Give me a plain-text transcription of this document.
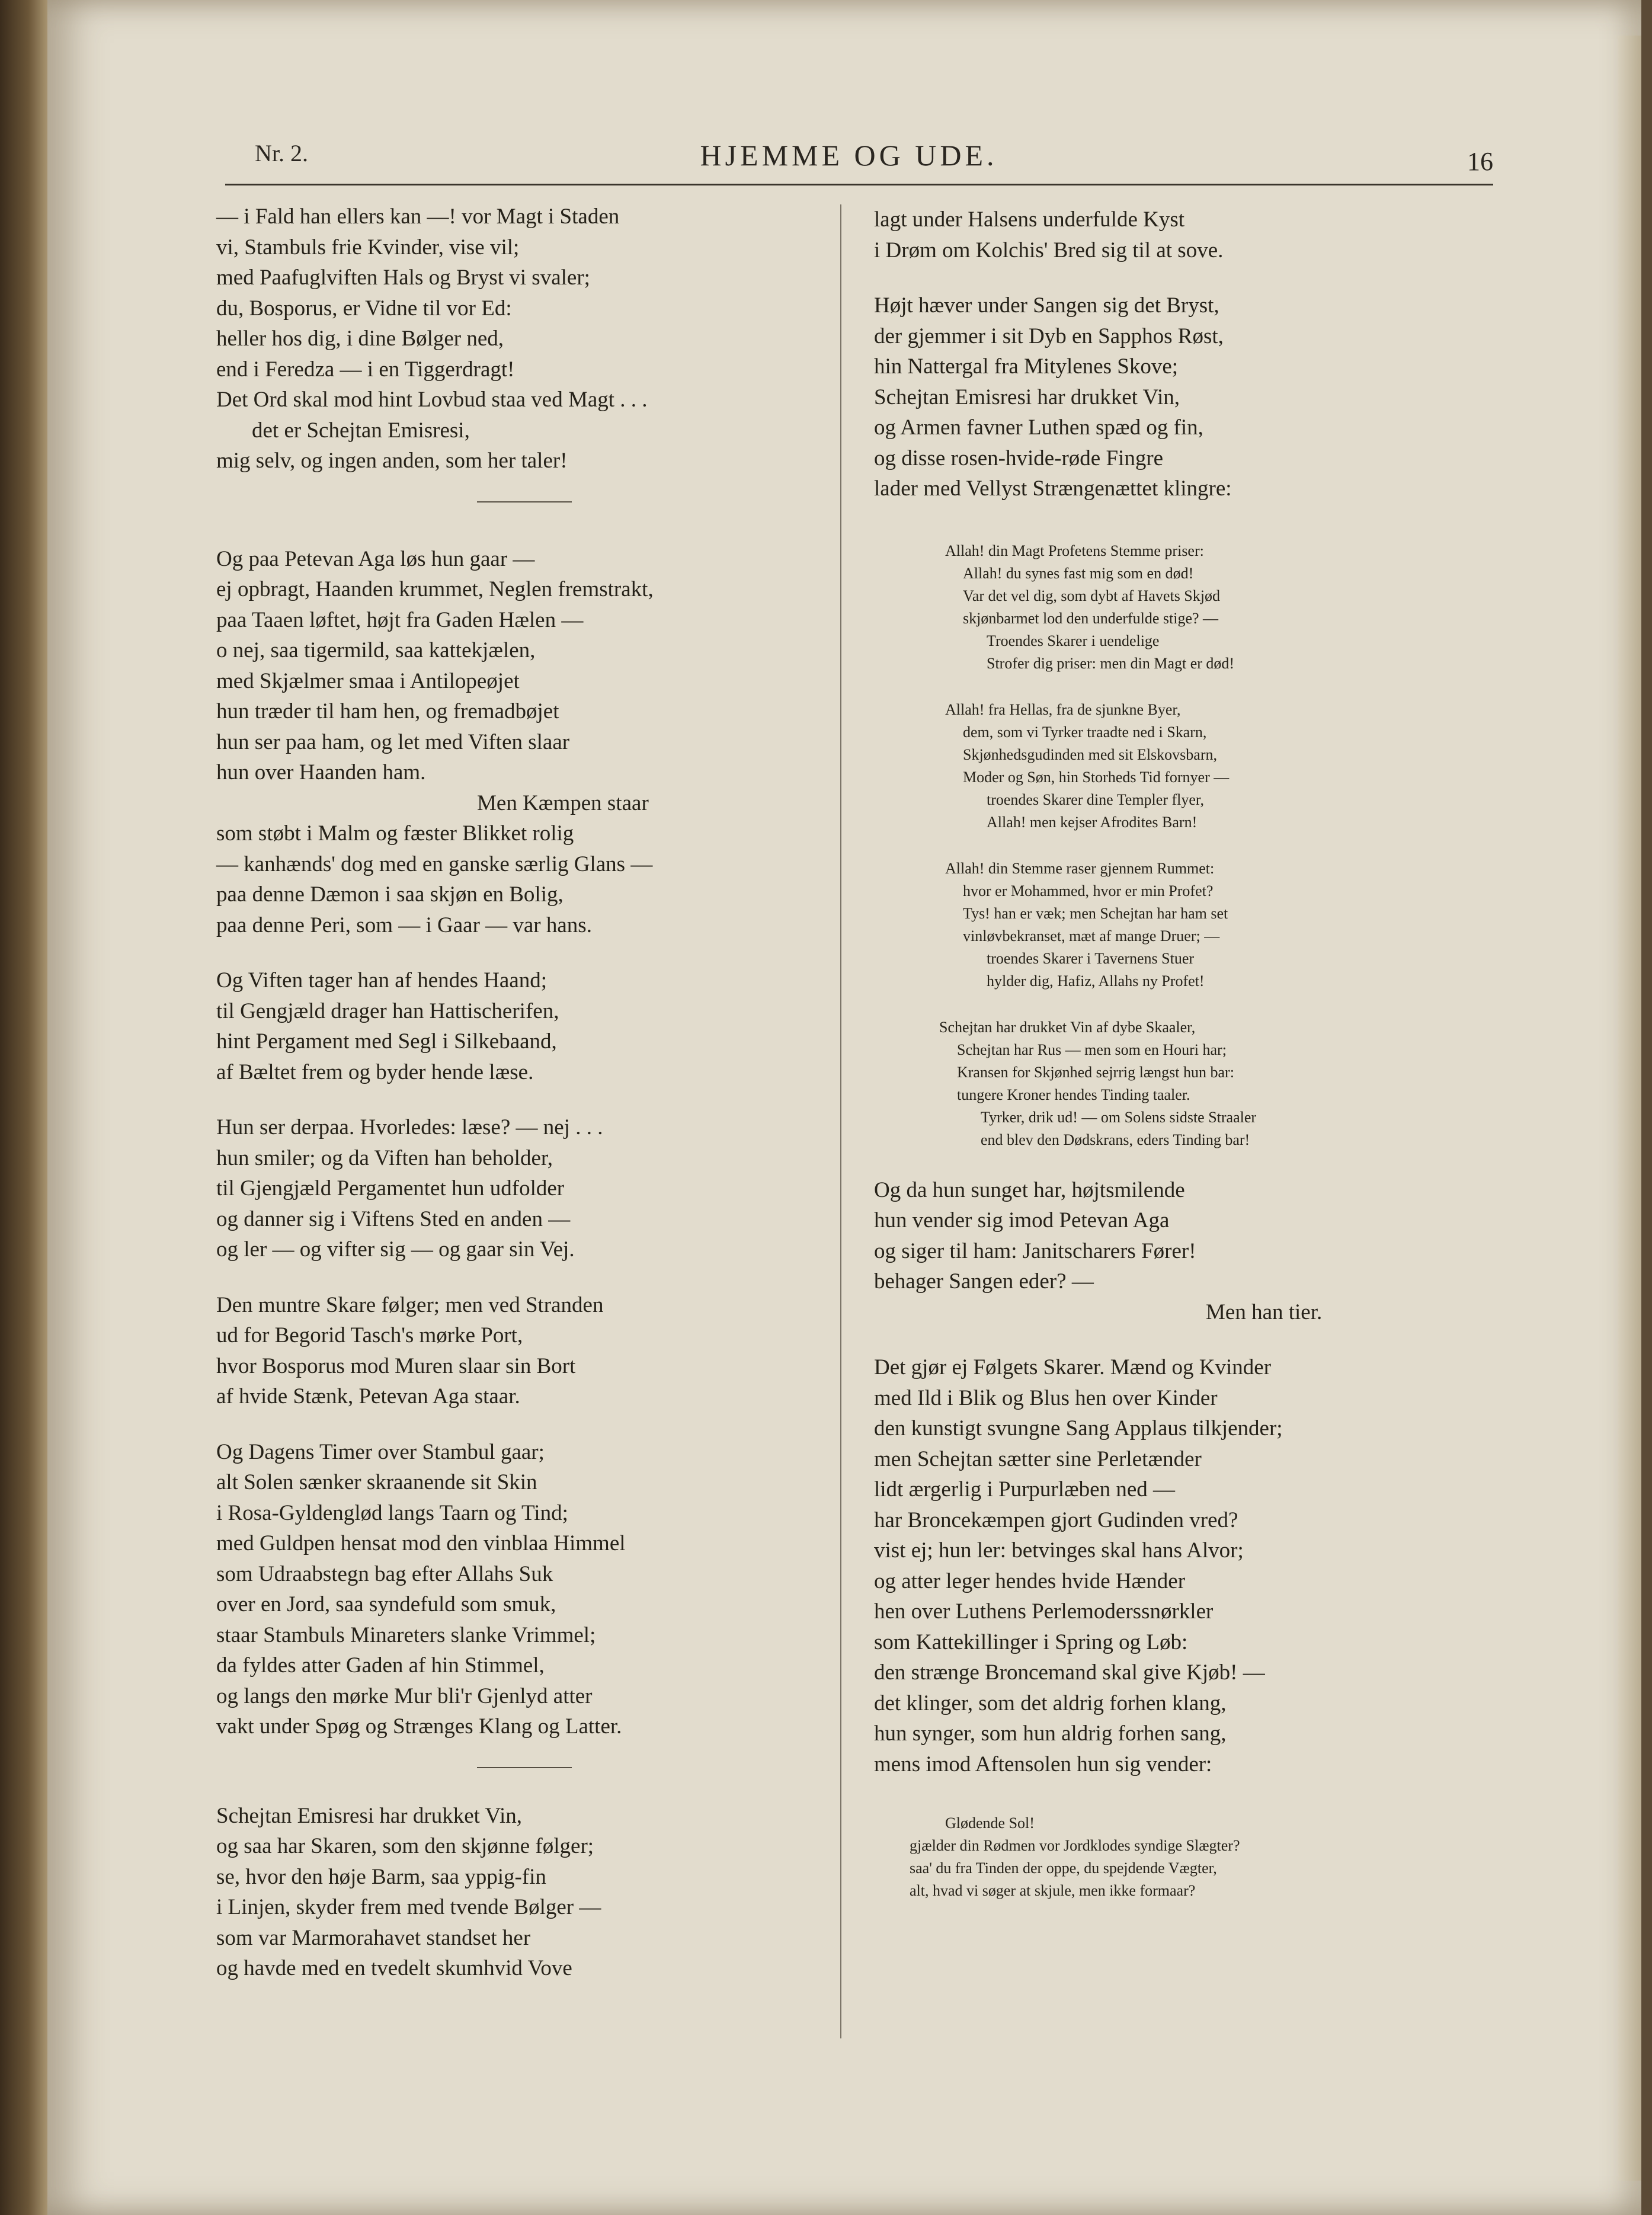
Nr. 2.	HJEMME OG UDE.	16
— i Fald han ellers kan —! vor Magt i Staden
vi, Stambuls frie Kvinder, vise vil;
med Paafuglviften Hals og Bryst vi svaler;
du, Bosporus, er Vidne til vor Ed:
heller hos dig, i dine Bølger ned,
end i Feredza — i en Tiggerdragt!
Det Ord skal mod hint Lovbud staa ved Magt . . .
det er Schejtan Emisresi,
mig selv, og ingen anden, som her taler!
Og paa Petevan Aga løs hun gaar —
ej opbragt, Haanden krummet, Neglen fremstrakt,
paa Taaen løftet, højt fra Gaden Hælen —
o nej, saa tigermild, saa kattekjælen,
med Skjælmer smaa i Antilopeøjet
hun træder til ham hen, og fremadbøjet
hun ser paa ham, og let med Viften slaar
hun over Haanden ham.
Men Kæmpen staar
som støbt i Malm og fæster Blikket rolig
— kanhænds' dog med en ganske særlig Glans —
paa denne Dæmon i saa skjøn en Bolig,
paa denne Peri, som — i Gaar — var hans.
Og Viften tager han af hendes Haand;
til Gengjæld drager han Hattischerifen,
hint Pergament med Segl i Silkebaand,
af Bæltet frem og byder hende læse.
Hun ser derpaa. Hvorledes: læse? — nej . . .
hun smiler; og da Viften han beholder,
til Gjengjæld Pergamentet hun udfolder
og danner sig i Viftens Sted en anden —
og ler — og vifter sig — og gaar sin Vej.
Den muntre Skare følger; men ved Stranden
ud for Begorid Tasch's mørke Port,
hvor Bosporus mod Muren slaar sin Bort
af hvide Stænk, Petevan Aga staar.
Og Dagens Timer over Stambul gaar;
alt Solen sænker skraanende sit Skin
i Rosa-Gyldenglød langs Taarn og Tind;
med Guldpen hensat mod den vinblaa Himmel
som Udraabstegn bag efter Allahs Suk
over en Jord, saa syndefuld som smuk,
staar Stambuls Minareters slanke Vrimmel;
da fyldes atter Gaden af hin Stimmel,
og langs den mørke Mur bli'r Gjenlyd atter
vakt under Spøg og Strænges Klang og Latter.
Schejtan Emisresi har drukket Vin,
og saa har Skaren, som den skjønne følger;
se, hvor den høje Barm, saa yppig-fin
i Linjen, skyder frem med tvende Bølger —
som var Marmorahavet standset her
og havde med en tvedelt skumhvid Vove
lagt under Halsens underfulde Kyst
i Drøm om Kolchis' Bred sig til at sove.
Højt hæver under Sangen sig det Bryst,
der gjemmer i sit Dyb en Sapphos Røst,
hin Nattergal fra Mitylenes Skove;
Schejtan Emisresi har drukket Vin,
og Armen favner Luthen spæd og fin,
og disse rosen-hvide-røde Fingre
lader med Vellyst Strængenættet klingre:
Allah! din Magt Profetens Stemme priser:
Allah! du synes fast mig som en død!
Var det vel dig, som dybt af Havets Skjød
skjønbarmet lod den underfulde stige? —
Troendes Skarer i uendelige
Strofer dig priser: men din Magt er død!
Allah! fra Hellas, fra de sjunkne Byer,
dem, som vi Tyrker traadte ned i Skarn,
Skjønhedsgudinden med sit Elskovsbarn,
Moder og Søn, hin Storheds Tid fornyer —
troendes Skarer dine Templer flyer,
Allah! men kejser Afrodites Barn!
Allah! din Stemme raser gjennem Rummet:
hvor er Mohammed, hvor er min Profet?
Tys! han er væk; men Schejtan har ham set
vinløvbekranset, mæt af mange Druer; —
troendes Skarer i Tavernens Stuer
hylder dig, Hafiz, Allahs ny Profet!
Schejtan har drukket Vin af dybe Skaaler,
Schejtan har Rus — men som en Houri har;
Kransen for Skjønhed sejrrig længst hun bar:
tungere Kroner hendes Tinding taaler.
Tyrker, drik ud! — om Solens sidste Straaler
end blev den Dødskrans, eders Tinding bar!
Og da hun sunget har, højtsmilende
hun vender sig imod Petevan Aga
og siger til ham: Janitscharers Fører!
behager Sangen eder? —
Men han tier.
Det gjør ej Følgets Skarer. Mænd og Kvinder
med Ild i Blik og Blus hen over Kinder
den kunstigt svungne Sang Applaus tilkjender;
men Schejtan sætter sine Perletænder
lidt ærgerlig i Purpurlæben ned —
har Broncekæmpen gjort Gudinden vred?
vist ej; hun ler: betvinges skal hans Alvor;
og atter leger hendes hvide Hænder
hen over Luthens Perlemoderssnørkler
som Kattekillinger i Spring og Løb:
den strænge Broncemand skal give Kjøb! —
det klinger, som det aldrig forhen klang,
hun synger, som hun aldrig forhen sang,
mens imod Aftensolen hun sig vender:
Glødende Sol!
gjælder din Rødmen vor Jordklodes syndige Slægter?
saa' du fra Tinden der oppe, du spejdende Vægter,
alt, hvad vi søger at skjule, men ikke formaar?
